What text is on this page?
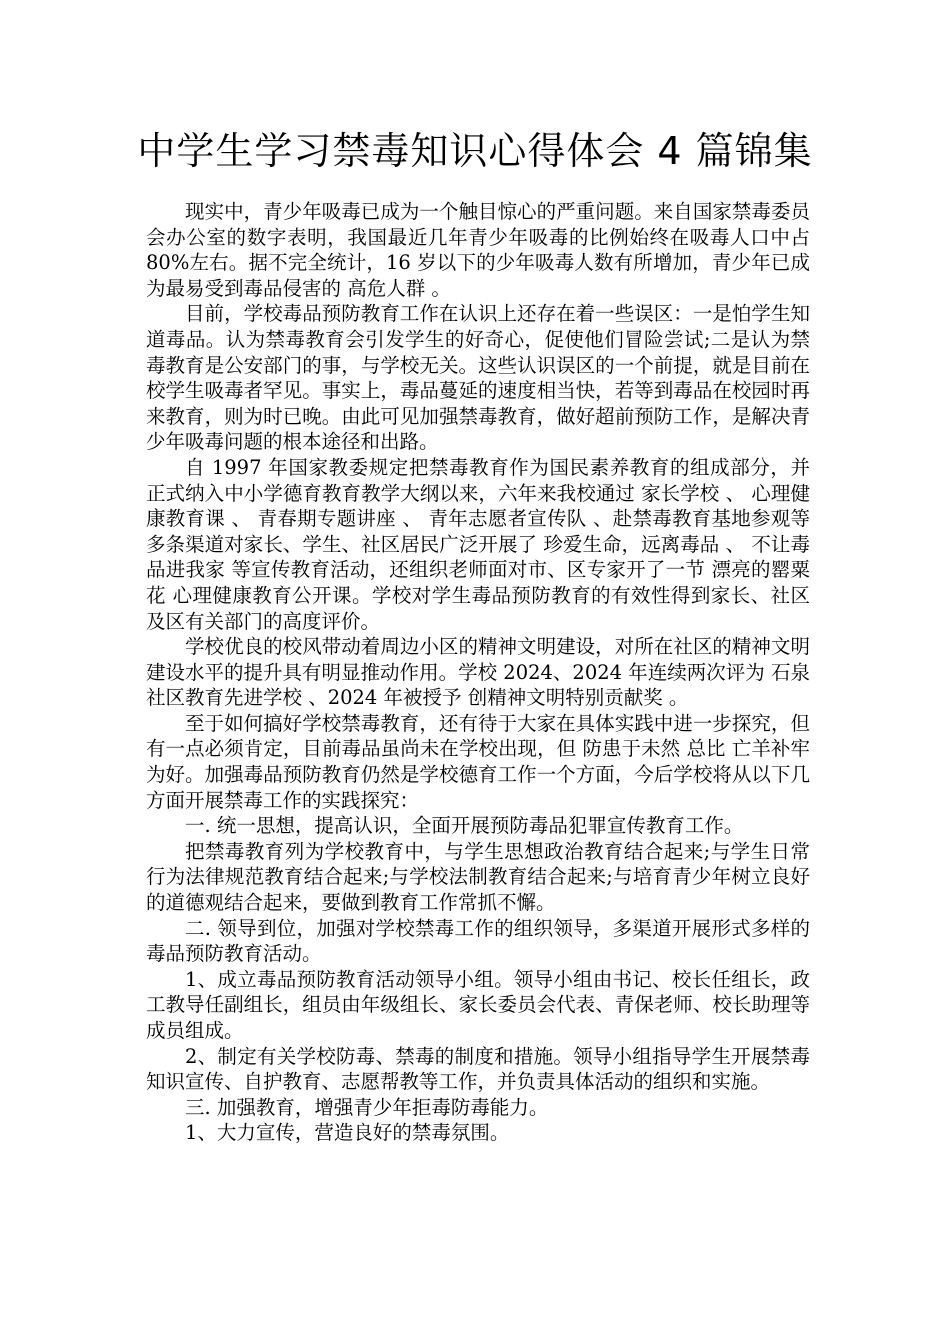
中学生学习禁毒知识心得体会 4 篇锦集

现实中，青少年吸毒已成为一个触目惊心的严重问题。来自国家禁毒委员会办公室的数字表明，我国最近几年青少年吸毒的比例始终在吸毒人口中占 80%左右。据不完全统计，16 岁以下的少年吸毒人数有所增加，青少年已成为最易受到毒品侵害的 高危人群 。

目前，学校毒品预防教育工作在认识上还存在着一些误区：一是怕学生知道毒品。认为禁毒教育会引发学生的好奇心，促使他们冒险尝试;二是认为禁毒教育是公安部门的事，与学校无关。这些认识误区的一个前提，就是目前在校学生吸毒者罕见。事实上，毒品蔓延的速度相当快，若等到毒品在校园时再来教育，则为时已晚。由此可见加强禁毒教育，做好超前预防工作，是解决青少年吸毒问题的根本途径和出路。

自 1997 年国家教委规定把禁毒教育作为国民素养教育的组成部分，并正式纳入中小学德育教育教学大纲以来，六年来我校通过 家长学校 、 心理健康教育课 、 青春期专题讲座 、 青年志愿者宣传队 、赴禁毒教育基地参观等多条渠道对家长、学生、社区居民广泛开展了 珍爱生命，远离毒品 、 不让毒品进我家 等宣传教育活动，还组织老师面对市、区专家开了一节 漂亮的罂粟花 心理健康教育公开课。学校对学生毒品预防教育的有效性得到家长、社区及区有关部门的高度评价。

学校优良的校风带动着周边小区的精神文明建设，对所在社区的精神文明建设水平的提升具有明显推动作用。学校 2024、2024 年连续两次评为 石泉社区教育先进学校 、2024 年被授予 创精神文明特别贡献奖 。

至于如何搞好学校禁毒教育，还有待于大家在具体实践中进一步探究，但有一点必须肯定，目前毒品虽尚未在学校出现，但 防患于未然 总比 亡羊补牢 为好。加强毒品预防教育仍然是学校德育工作一个方面，今后学校将从以下几方面开展禁毒工作的实践探究：

一. 统一思想，提高认识，全面开展预防毒品犯罪宣传教育工作。

把禁毒教育列为学校教育中，与学生思想政治教育结合起来;与学生日常行为法律规范教育结合起来;与学校法制教育结合起来;与培育青少年树立良好的道德观结合起来，要做到教育工作常抓不懈。

二. 领导到位，加强对学校禁毒工作的组织领导，多渠道开展形式多样的毒品预防教育活动。

1、成立毒品预防教育活动领导小组。领导小组由书记、校长任组长，政工教导任副组长，组员由年级组长、家长委员会代表、青保老师、校长助理等成员组成。

2、制定有关学校防毒、禁毒的制度和措施。领导小组指导学生开展禁毒知识宣传、自护教育、志愿帮教等工作，并负责具体活动的组织和实施。

三. 加强教育，增强青少年拒毒防毒能力。

1、大力宣传，营造良好的禁毒氛围。
